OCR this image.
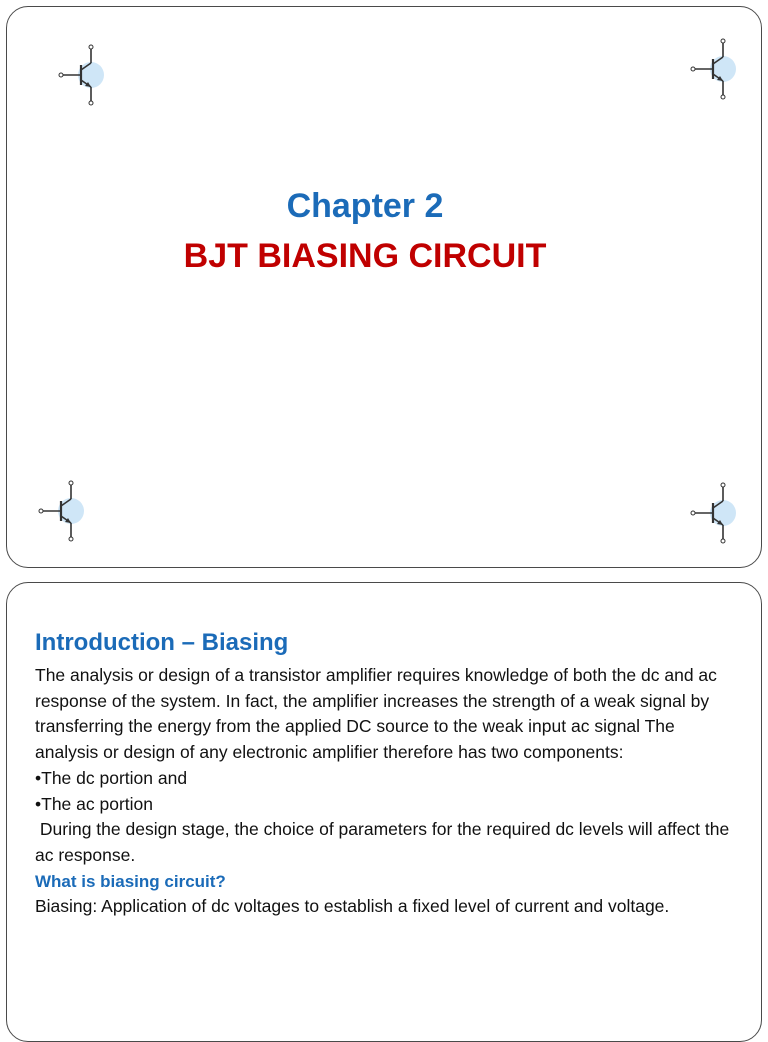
Chapter 2
BJT BIASING CIRCUIT
Introduction – Biasing

The analysis or design of a transistor amplifier requires knowledge of both the dc and ac response of the system. In fact, the amplifier increases the strength of a weak signal by transferring the energy from the applied DC source to the weak input ac signal The analysis or design of any electronic amplifier therefore has two components:

•The dc portion and

•The ac portion

During the design stage, the choice of parameters for the required dc levels will affect the ac response.

What is biasing circuit?

Biasing: Application of dc voltages to establish a fixed level of current and voltage.
